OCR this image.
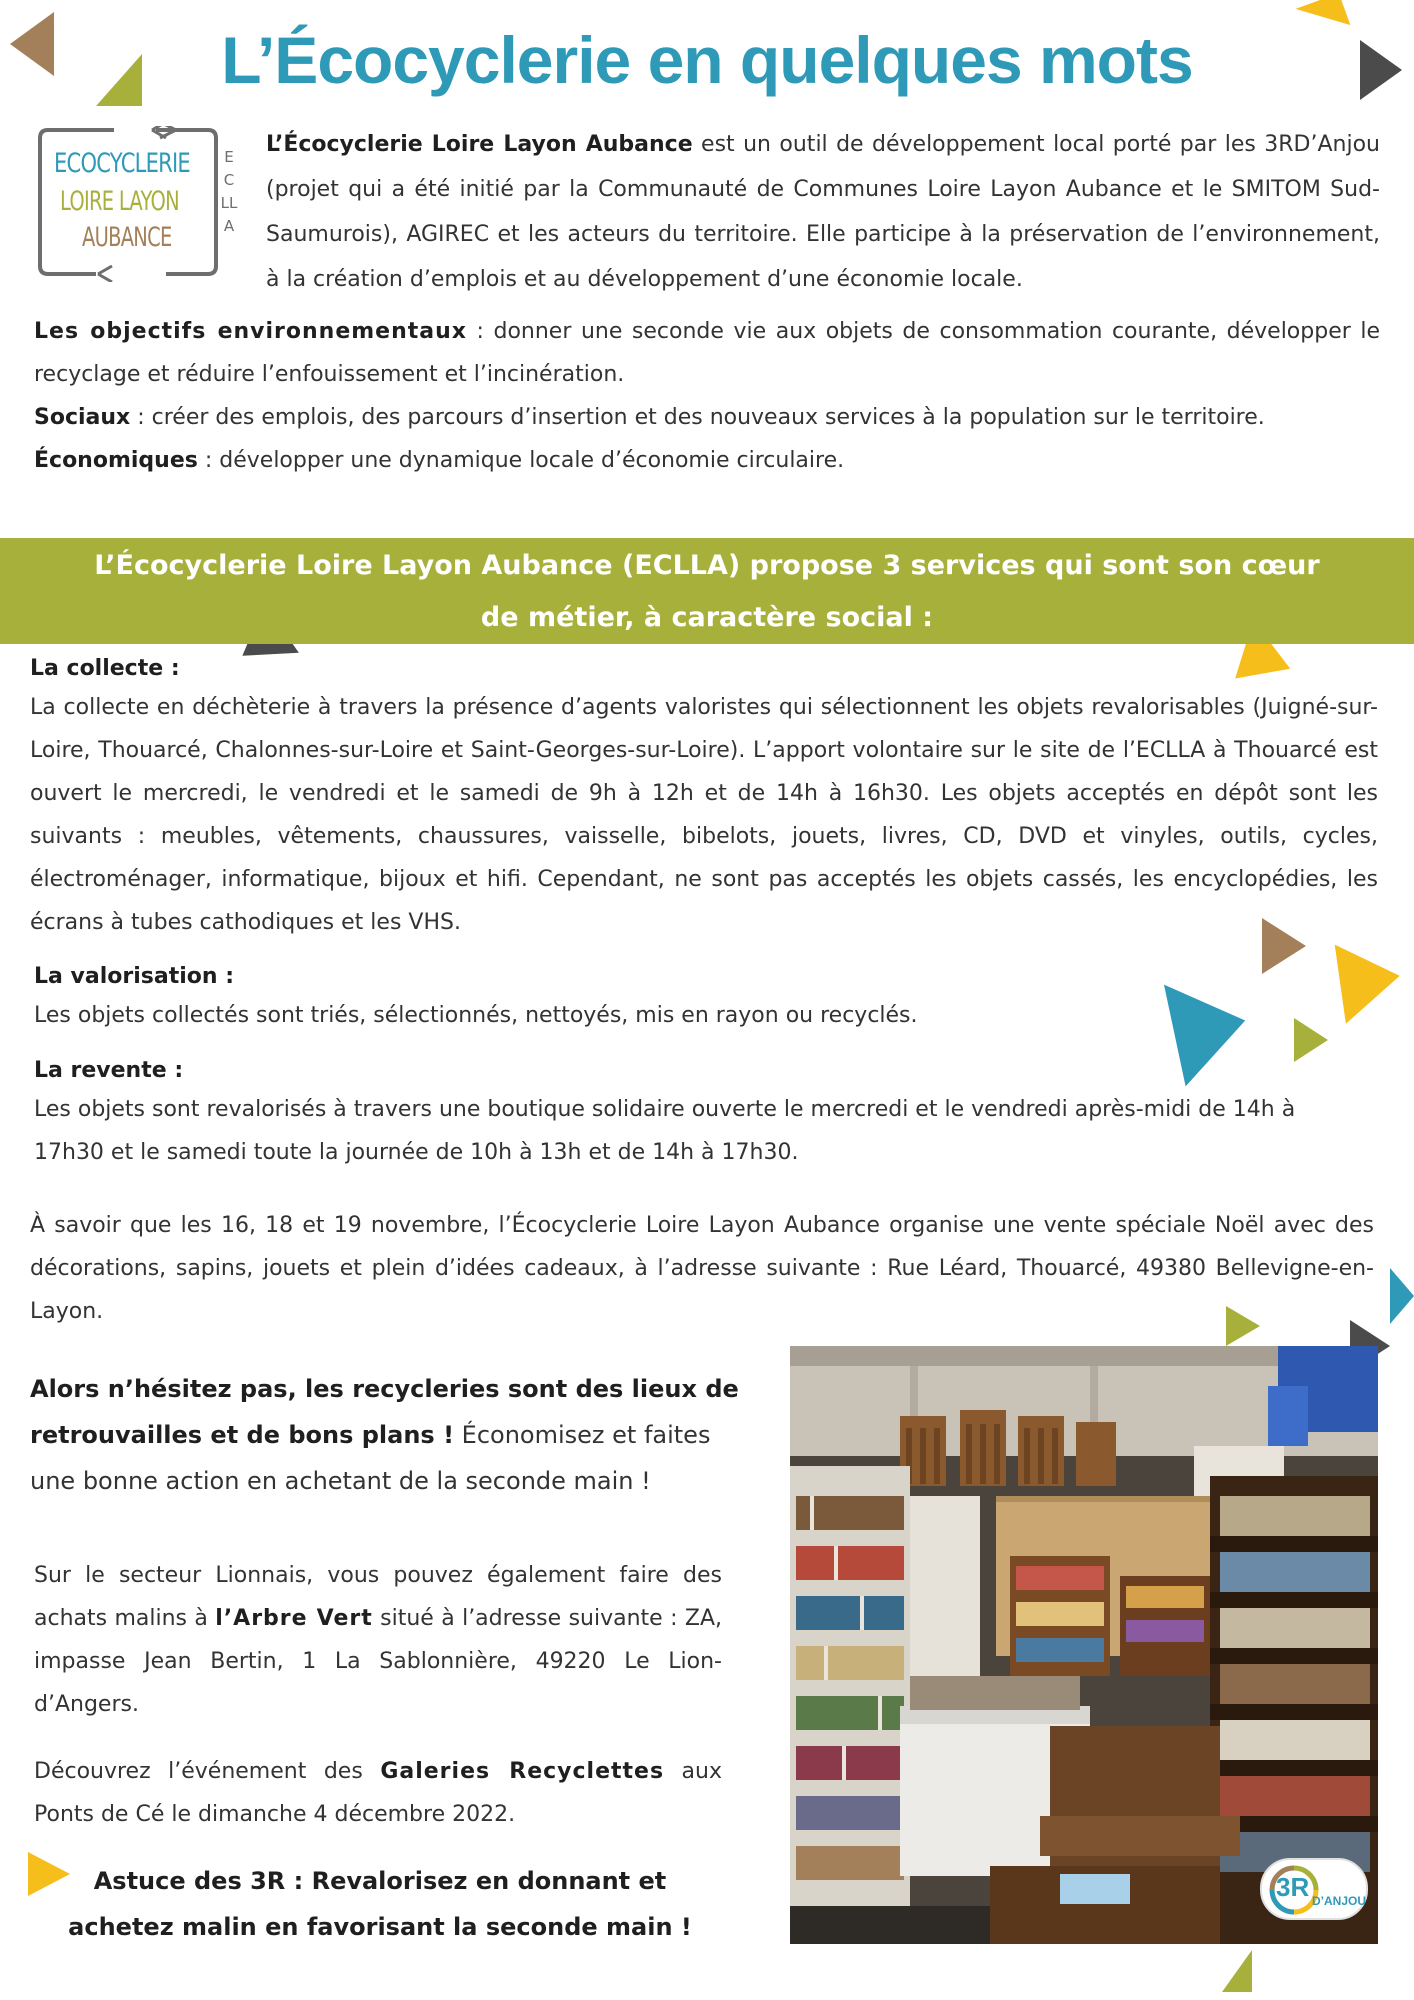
L’Écocyclerie en quelques mots
ECOCYCLERIE
LOIRE LAYON
AUBANCE
ECLLA
L’Écocyclerie Loire Layon Aubance est un outil de développement local porté par les 3RD’Anjou (projet qui a été initié par la Communauté de Communes Loire Layon Aubance et le SMITOM Sud-Saumurois), AGIREC et les acteurs du territoire. Elle participe à la préservation de l’environnement, à la création d’emplois et au développement d’une économie locale.

Les objectifs environnementaux : donner une seconde vie aux objets de consommation courante, développer le recyclage et réduire l’enfouissement et l’incinération.

Sociaux : créer des emplois, des parcours d’insertion et des nouveaux services à la population sur le territoire.

Économiques : développer une dynamique locale d’économie circulaire.

L’Écocyclerie Loire Layon Aubance (ECLLA) propose 3 services qui sont son cœur
de métier, à caractère social :
La collecte :
La collecte en déchèterie à travers la présence d’agents valoristes qui sélectionnent les objets revalorisables (Juigné-sur-Loire, Thouarcé, Chalonnes-sur-Loire et Saint-Georges-sur-Loire). L’apport volontaire sur le site de l’ECLLA à Thouarcé est ouvert le mercredi, le vendredi et le samedi de 9h à 12h et de 14h à 16h30. Les objets acceptés en dépôt sont les suivants : meubles, vêtements, chaussures, vaisselle, bibelots, jouets, livres, CD, DVD et vinyles, outils, cycles, électroménager, informatique, bijoux et hifi. Cependant, ne sont pas acceptés les objets cassés, les encyclopédies, les écrans à tubes cathodiques et les VHS.
La valorisation :
Les objets collectés sont triés, sélectionnés, nettoyés, mis en rayon ou recyclés.
La revente :
Les objets sont revalorisés à travers une boutique solidaire ouverte le mercredi et le vendredi après-midi de 14h à 17h30 et le samedi toute la journée de 10h à 13h et de 14h à 17h30.
À savoir que les 16, 18 et 19 novembre, l’Écocyclerie Loire Layon Aubance organise une vente spéciale Noël avec des décorations, sapins, jouets et plein d’idées cadeaux, à l’adresse suivante : Rue Léard, Thouarcé, 49380 Bellevigne-en-Layon.
Alors n’hésitez pas, les recycleries sont des lieux de retrouvailles et de bons plans ! Économisez et faites une bonne action en achetant de la seconde main !
Sur le secteur Lionnais, vous pouvez également faire des achats malins à l’Arbre Vert situé à l’adresse suivante : ZA, impasse Jean Bertin, 1 La Sablonnière, 49220 Le Lion-d’Angers.
Découvrez l’événement des Galeries Recyclettes aux Ponts de Cé le dimanche 4 décembre 2022.
Astuce des 3R : Revalorisez en donnant et
achetez malin en favorisant la seconde main !
3R D’ANJOU
